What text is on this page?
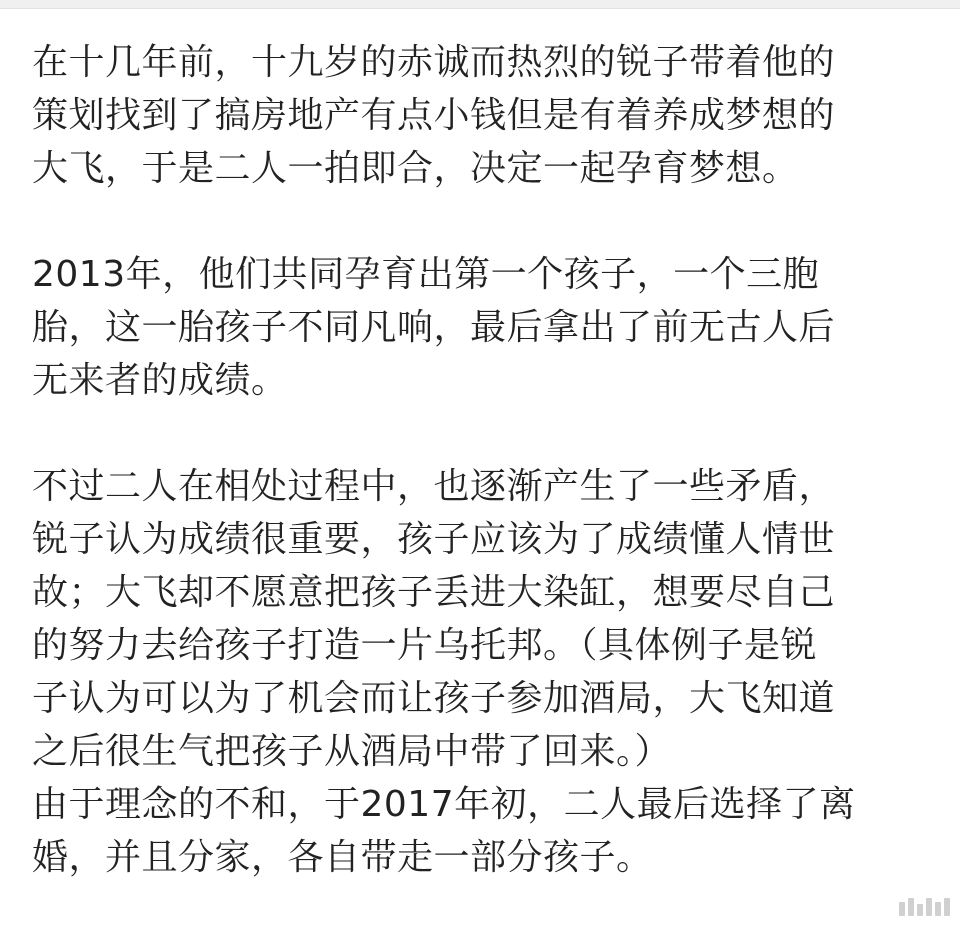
在十几年前，十九岁的赤诚而热烈的锐子带着他的
策划找到了搞房地产有点小钱但是有着养成梦想的
大飞，于是二人一拍即合，决定一起孕育梦想。
2013年，他们共同孕育出第一个孩子，一个三胞
胎，这一胎孩子不同凡响，最后拿出了前无古人后
无来者的成绩。
不过二人在相处过程中，也逐渐产生了一些矛盾，
锐子认为成绩很重要，孩子应该为了成绩懂人情世
故；大飞却不愿意把孩子丢进大染缸，想要尽自己
的努力去给孩子打造一片乌托邦。（具体例子是锐
子认为可以为了机会而让孩子参加酒局，大飞知道
之后很生气把孩子从酒局中带了回来。）
由于理念的不和，于2017年初，二人最后选择了离
婚，并且分家，各自带走一部分孩子。
